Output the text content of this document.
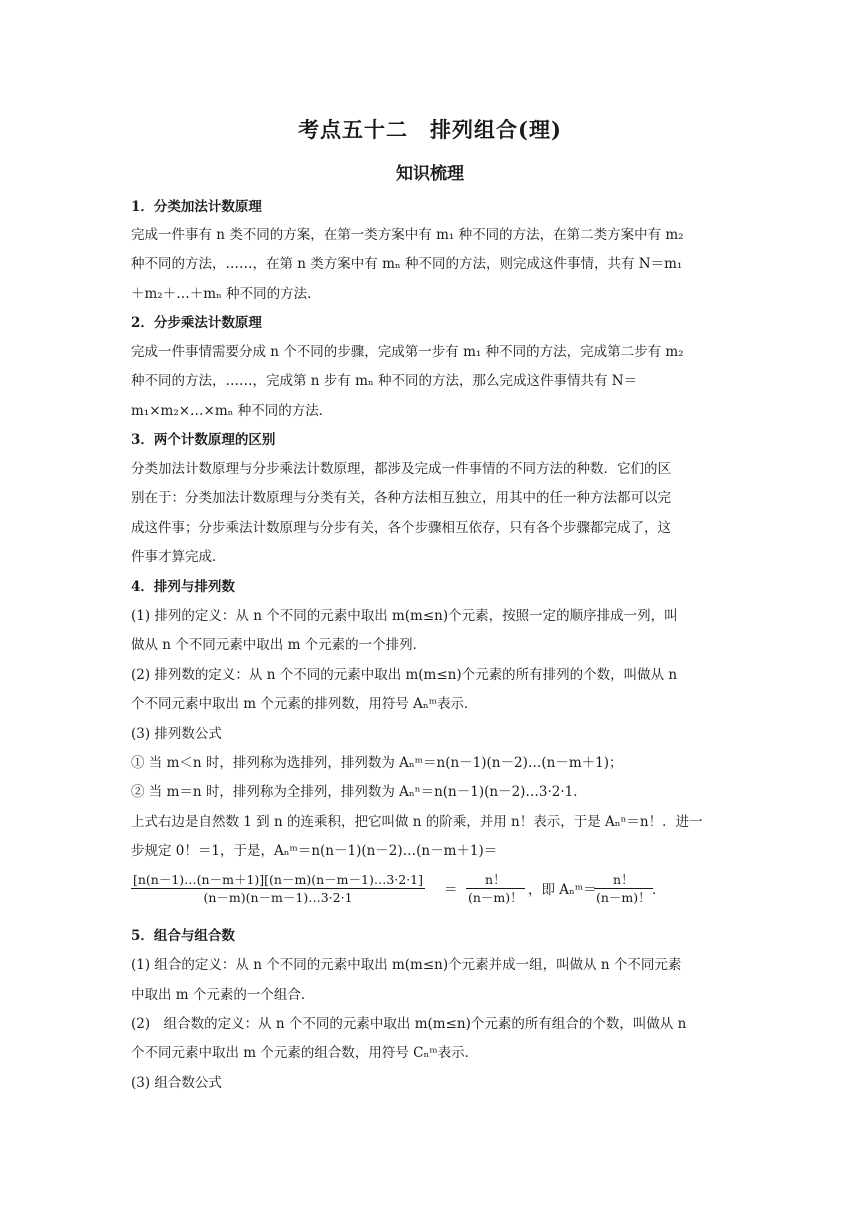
考点五十二　排列组合(理)
知识梳理
1．分类加法计数原理
完成一件事有 n 类不同的方案，在第一类方案中有 m₁ 种不同的方法，在第二类方案中有 m₂
种不同的方法，……，在第 n 类方案中有 mₙ 种不同的方法，则完成这件事情，共有 N＝m₁
＋m₂＋…＋mₙ 种不同的方法．
2．分步乘法计数原理
完成一件事情需要分成 n 个不同的步骤，完成第一步有 m₁ 种不同的方法，完成第二步有 m₂
种不同的方法，……，完成第 n 步有 mₙ 种不同的方法，那么完成这件事情共有 N＝
m₁×m₂×…×mₙ 种不同的方法．
3．两个计数原理的区别
分类加法计数原理与分步乘法计数原理，都涉及完成一件事情的不同方法的种数．它们的区
别在于：分类加法计数原理与分类有关，各种方法相互独立，用其中的任一种方法都可以完
成这件事；分步乘法计数原理与分步有关，各个步骤相互依存，只有各个步骤都完成了，这
件事才算完成．
4．排列与排列数
(1) 排列的定义：从 n 个不同的元素中取出 m(m≤n)个元素，按照一定的顺序排成一列，叫
做从 n 个不同元素中取出 m 个元素的一个排列．
(2) 排列数的定义：从 n 个不同的元素中取出 m(m≤n)个元素的所有排列的个数，叫做从 n
个不同元素中取出 m 个元素的排列数，用符号 Aₙᵐ表示．
(3) 排列数公式
① 当 m＜n 时，排列称为选排列，排列数为 Aₙᵐ＝n(n－1)(n－2)…(n－m＋1)；
② 当 m＝n 时，排列称为全排列，排列数为 Aₙⁿ＝n(n－1)(n－2)…3·2·1．
上式右边是自然数 1 到 n 的连乘积，把它叫做 n 的阶乘，并用 n！表示，于是 Aₙⁿ＝n！．进一
步规定 0！＝1，于是，Aₙᵐ＝n(n－1)(n－2)…(n－m＋1)＝
$\frac{[n(n-1)\dots(n-m+1)][(n-m)(n-m-1)\dots 3\cdot 2\cdot 1]}{(n-m)(n-m-1)\dots 3\cdot 2\cdot 1} = \frac{n!}{(n-m)!}$ ，即 Aₙᵐ＝
$\frac{n!}{(n-m)!}$ ．
5．组合与组合数
(1) 组合的定义：从 n 个不同的元素中取出 m(m≤n)个元素并成一组，叫做从 n 个不同元素
中取出 m 个元素的一个组合．
(2)　组合数的定义：从 n 个不同的元素中取出 m(m≤n)个元素的所有组合的个数，叫做从 n
个不同元素中取出 m 个元素的组合数，用符号 Cₙᵐ表示．
(3) 组合数公式
